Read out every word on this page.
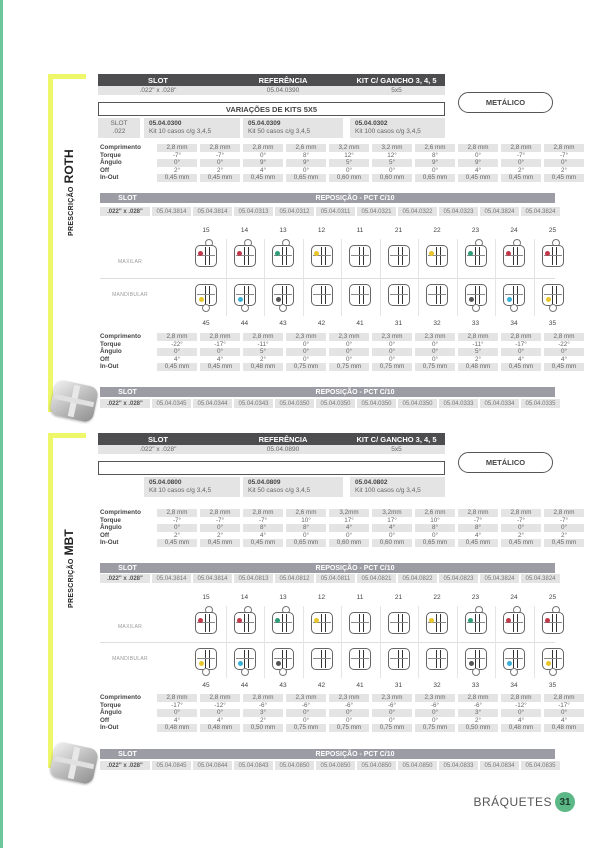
PRESCRIÇÃOROTH
SLOT	REFERÊNCIA	KIT C/ GANCHO 3, 4, 5
.022" x .028"	05.04.0390	5x5
VARIAÇÕES DE KITS 5X5
SLOT
.022
05.04.0300
Kit 10 casos c/g 3,4,5
05.04.0309
Kit 50 casos c/g 3,4,5
05.04.0302
Kit 100 casos c/g 3,4,5
METÁLICO
Comprimento	2,8 mm	2,8 mm	2,8 mm	2,6 mm	3,2 mm	3,2 mm	2,6 mm	2,8 mm	2,8 mm	2,8 mm
Torque	-7°	-7°	0°	8°	12°	12°	8°	0°	-7°	-7°
Ângulo	0°	0°	9°	9°	5°	5°	9°	9°	0°	0°
Off	2°	2°	4°	0°	0°	0°	0°	4°	2°	2°
In-Out	0,45 mm	0,45 mm	0,45 mm	0,65 mm	0,60 mm	0,60 mm	0,65 mm	0,45 mm	0,45 mm	0,45 mm
SLOT	REPOSIÇÃO - PCT C/10
.022" x .028"	05.04.3814	05.04.3814	05.04.0313	05.04.0312	05.04.0311	05.04.0321	05.04.0322	05.04.0323	05.04.3824	05.04.3824
MAXILAR
MANDIBULAR
15
45
14
44
13
43
12
42
11
41
21
31
22
32
23
33
24
34
25
35
Comprimento	2,8 mm	2,8 mm	2,8 mm	2,3 mm	2,3 mm	2,3 mm	2,3 mm	2,8 mm	2,8 mm	2,8 mm
Torque	-22°	-17°	-11°	0°	0°	0°	0°	-11°	-17°	-22°
Ângulo	0°	0°	5°	0°	0°	0°	0°	5°	0°	0°
Off	4°	4°	2°	0°	0°	0°	0°	2°	4°	4°
In-Out	0,45 mm	0,45 mm	0,48 mm	0,75 mm	0,75 mm	0,75 mm	0,75 mm	0,48 mm	0,45 mm	0,45 mm
SLOT	REPOSIÇÃO - PCT C/10
.022" x .028"	05.04.0345	05.04.0344	05.04.0343	05.04.0350	05.04.0350	05.04.0350	05.04.0350	05.04.0333	05.04.0334	05.04.0335
PRESCRIÇÃOMBT
SLOT	REFERÊNCIA	KIT C/ GANCHO 3, 4, 5
.022" x .028"	05.04.0890	5x5
05.04.0800
Kit 10 casos c/g 3,4,5
05.04.0809
Kit 50 casos c/g 3,4,5
05.04.0802
Kit 100 casos c/g 3,4,5
METÁLICO
Comprimento	2,8 mm	2,8 mm	2,8 mm	2,6 mm	3,2mm	3,2mm	2,6 mm	2,8 mm	2,8 mm	2,8 mm
Torque	-7°	-7°	-7°	10°	17°	17°	10°	-7°	-7°	-7°
Ângulo	0°	0°	8°	8°	4°	4°	8°	8°	0°	0°
Off	2°	2°	4°	0°	0°	0°	0°	4°	2°	2°
In-Out	0,45 mm	0,45 mm	0,45 mm	0,65 mm	0,60 mm	0,60 mm	0,65 mm	0,45 mm	0,45 mm	0,45 mm
SLOT	REPOSIÇÃO - PCT C/10
.022" x .028"	05.04.3814	05.04.3814	05.04.0813	05.04.0812	05.04.0811	05.04.0821	05.04.0822	05.04.0823	05.04.3824	05.04.3824
MAXILAR
MANDIBULAR
15
45
14
44
13
43
12
42
11
41
21
31
22
32
23
33
24
34
25
35
Comprimento	2,8 mm	2,8 mm	2,8 mm	2,3 mm	2,3 mm	2,3 mm	2,3 mm	2,8 mm	2,8 mm	2,8 mm
Torque	-17°	-12°	-6°	-6°	-6°	-6°	-6°	-6°	-12°	-17°
Ângulo	0°	0°	3°	0°	0°	0°	0°	3°	0°	0°
Off	4°	4°	2°	0°	0°	0°	0°	2°	4°	4°
In-Out	0,48 mm	0,48 mm	0,50 mm	0,75 mm	0,75 mm	0,75 mm	0,75 mm	0,50 mm	0,48 mm	0,48 mm
SLOT	REPOSIÇÃO - PCT C/10
.022" x .028"	05.04.0845	05.04.0844	05.04.0843	05.04.0850	05.04.0850	05.04.0850	05.04.0850	05.04.0833	05.04.0834	05.04.0835
BRÁQUETES 31
